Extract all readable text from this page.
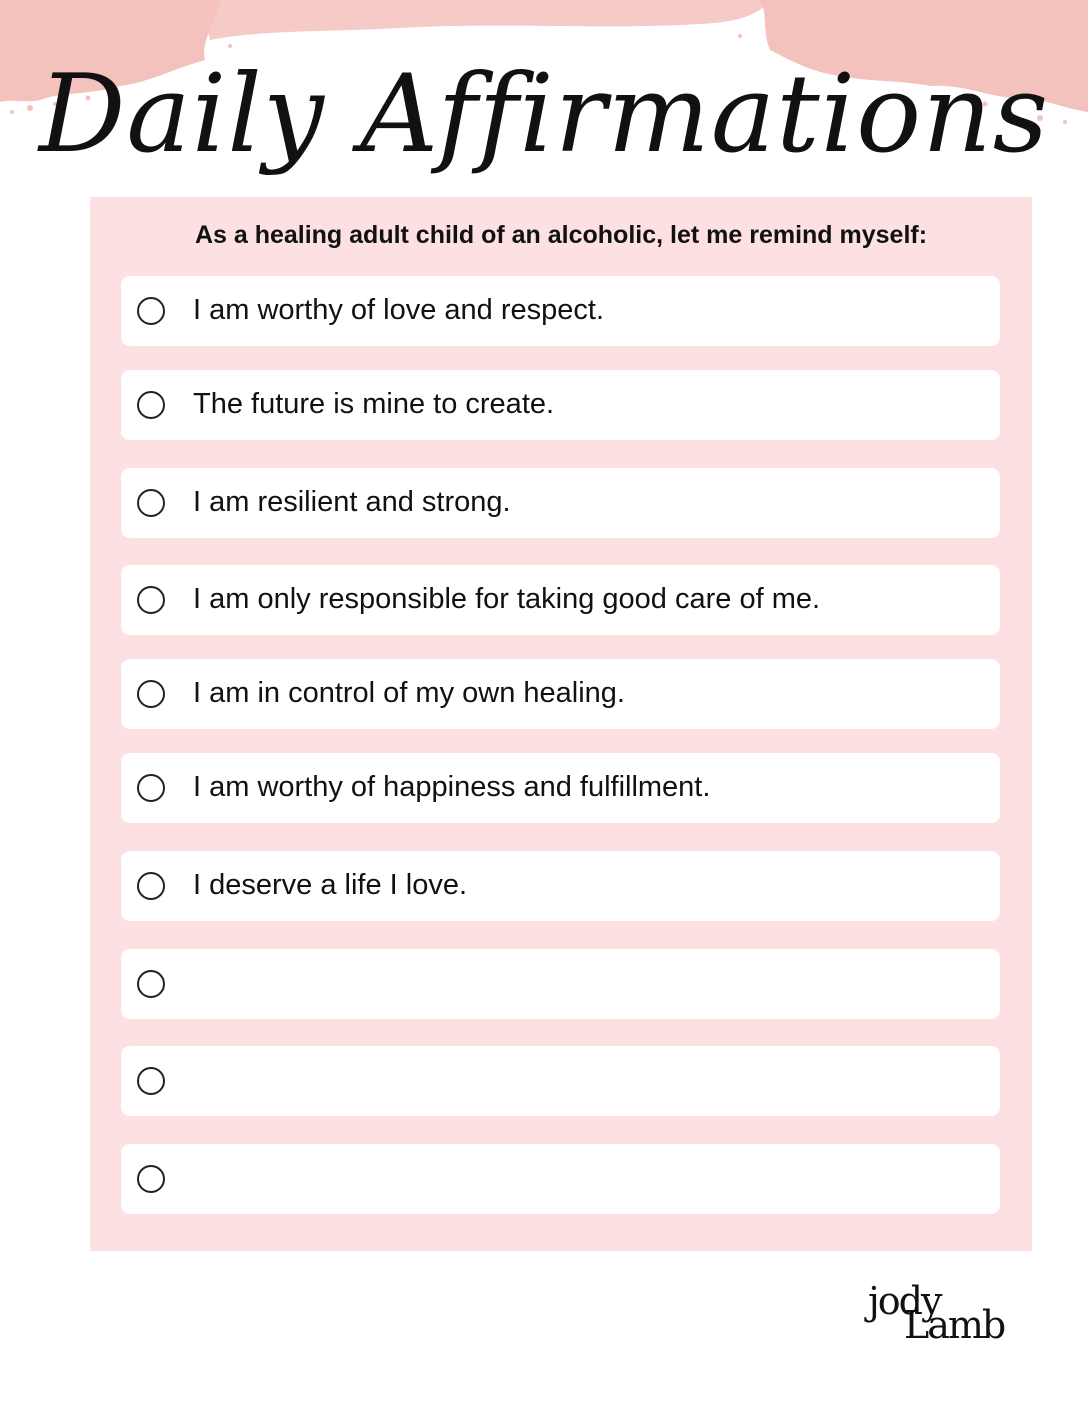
Daily Affirmations
As a healing adult child of an alcoholic, let me remind myself:
I am worthy of love and respect.
The future is mine to create.
I am resilient and strong.
I am only responsible for taking good care of me.
I am in control of my own healing.
I am worthy of happiness and fulfillment.
I deserve a life I love.
jody
Lamb
